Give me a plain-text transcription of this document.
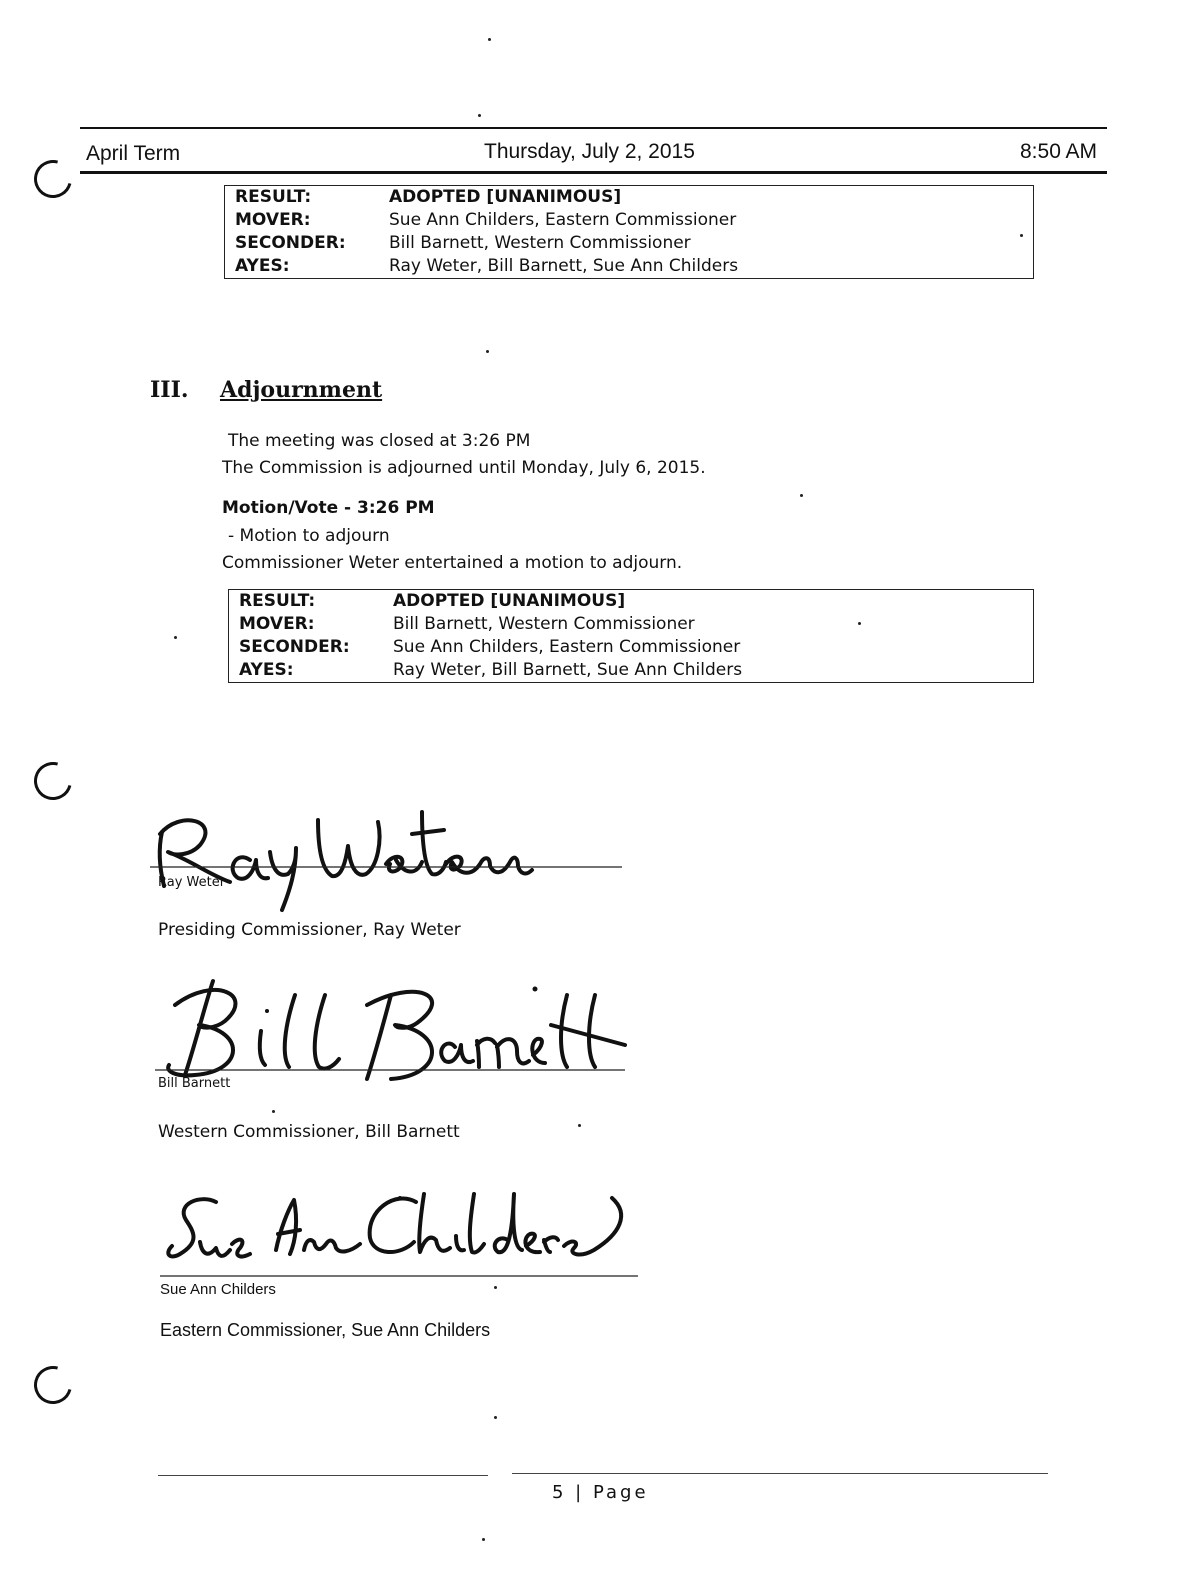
April Term	Thursday, July 2, 2015	8:50 AM
RESULT:	ADOPTED [UNANIMOUS]
MOVER:	Sue Ann Childers, Eastern Commissioner
SECONDER:	Bill Barnett, Western Commissioner
AYES:	Ray Weter, Bill Barnett, Sue Ann Childers
III. Adjournment
The meeting was closed at 3:26 PM
The Commission is adjourned until Monday, July 6, 2015.
Motion/Vote - 3:26 PM
- Motion to adjourn
Commissioner Weter entertained a motion to adjourn.
RESULT:	ADOPTED [UNANIMOUS]
MOVER:	Bill Barnett, Western Commissioner
SECONDER:	Sue Ann Childers, Eastern Commissioner
AYES:	Ray Weter, Bill Barnett, Sue Ann Childers
Ray Weter
Presiding Commissioner, Ray Weter
Bill Barnett
Western Commissioner, Bill Barnett
Sue Ann Childers
Eastern Commissioner, Sue Ann Childers
5 | Page
